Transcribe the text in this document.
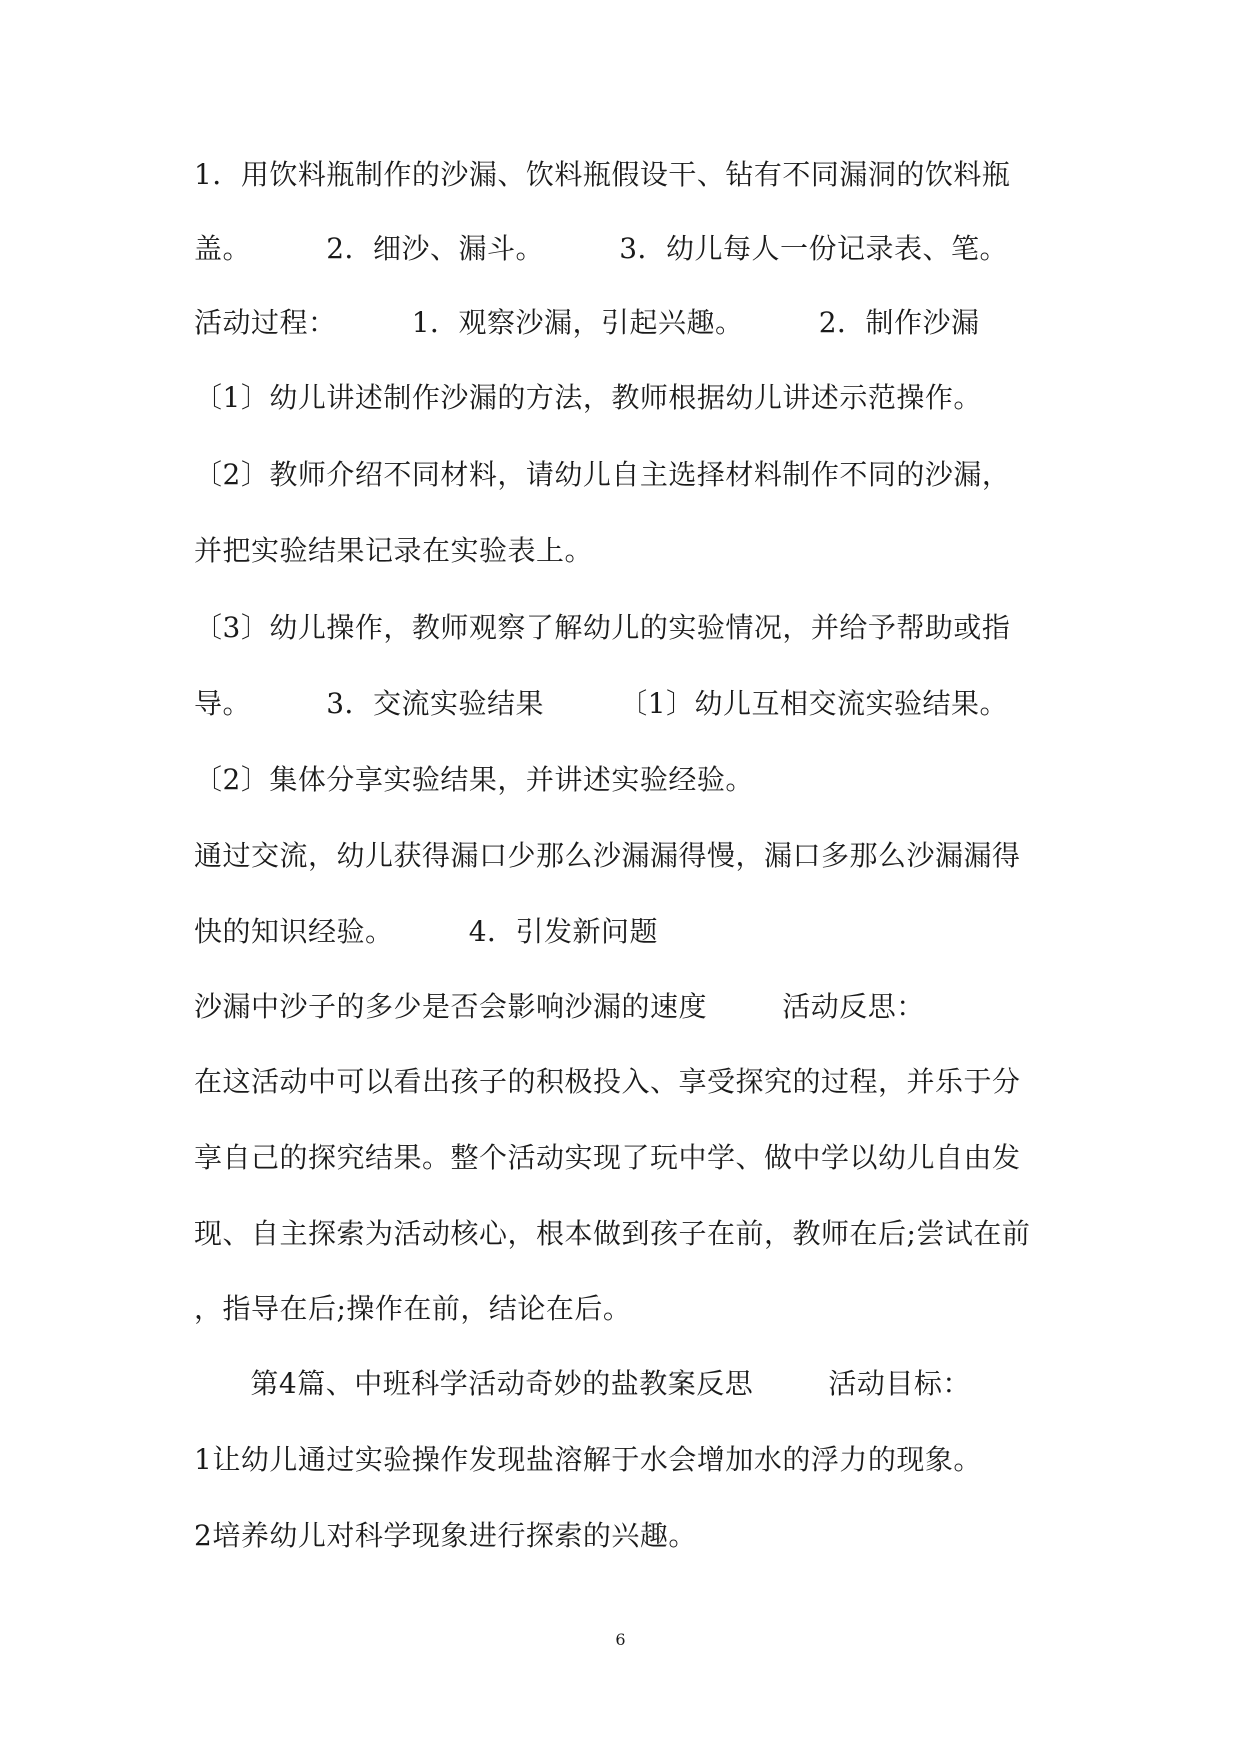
1．用饮料瓶制作的沙漏、饮料瓶假设干、钻有不同漏洞的饮料瓶
盖。        2．细沙、漏斗。        3．幼儿每人一份记录表、笔。
活动过程：        1．观察沙漏，引起兴趣。        2．制作沙漏
〔1〕幼儿讲述制作沙漏的方法，教师根据幼儿讲述示范操作。
〔2〕教师介绍不同材料，请幼儿自主选择材料制作不同的沙漏，
并把实验结果记录在实验表上。
〔3〕幼儿操作，教师观察了解幼儿的实验情况，并给予帮助或指
导。        3．交流实验结果        〔1〕幼儿互相交流实验结果。
〔2〕集体分享实验结果，并讲述实验经验。
通过交流，幼儿获得漏口少那么沙漏漏得慢，漏口多那么沙漏漏得
快的知识经验。        4．引发新问题
沙漏中沙子的多少是否会影响沙漏的速度        活动反思：
在这活动中可以看出孩子的积极投入、享受探究的过程，并乐于分
享自己的探究结果。整个活动实现了玩中学、做中学以幼儿自由发
现、自主探索为活动核心，根本做到孩子在前，教师在后;尝试在前
，指导在后;操作在前，结论在后。
第4篇、中班科学活动奇妙的盐教案反思        活动目标：
1让幼儿通过实验操作发现盐溶解于水会增加水的浮力的现象。
2培养幼儿对科学现象进行探索的兴趣。
6
